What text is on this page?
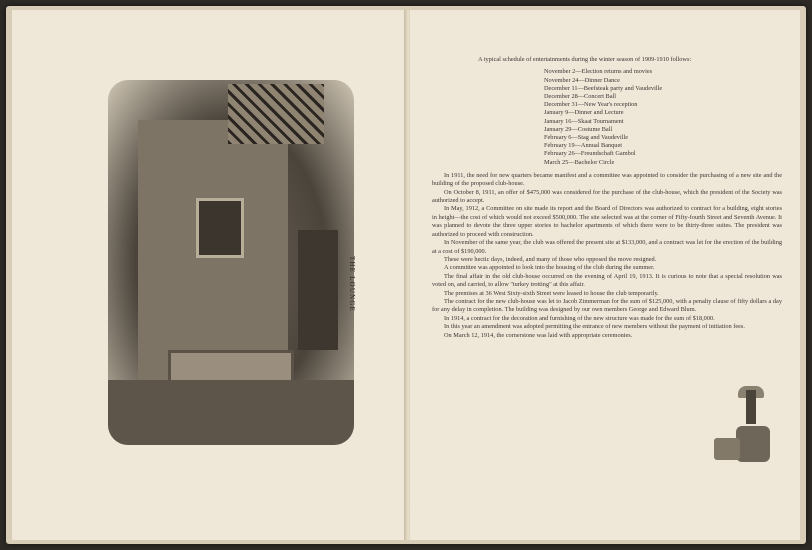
THE LOUNGE

A typical schedule of entertainments during the winter season of 1909-1910 follows:

November 2—Election returns and movies
November 24—Dinner Dance
December 11—Beefsteak party and Vaudeville
December 28—Concert Ball
December 31—New Year's reception
January 9—Dinner and Lecture
January 16—Skaat Tournament
January 29—Costume Ball
February 6—Stag and Vaudeville
February 19—Annual Banquet
February 26—Freundschaft Gambol
March 25—Bachelor Circle

In 1911, the need for new quarters became manifest and a committee was appointed to consider the purchasing of a new site and the building of the proposed club-house.

On October 8, 1911, an offer of $475,000 was considered for the purchase of the club-house, which the president of the Society was authorized to accept.

In May, 1912, a Committee on site made its report and the Board of Directors was authorized to contract for a building, eight stories in height—the cost of which would not exceed $500,000. The site selected was at the corner of Fifty-fourth Street and Seventh Avenue. It was planned to devote the three upper stories to bachelor apartments of which there were to be thirty-three suites. The president was authorized to proceed with construction.

In November of the same year, the club was offered the present site at $133,000, and a contract was let for the erection of the building at a cost of $190,000.

These were hectic days, indeed, and many of those who opposed the move resigned.

A committee was appointed to look into the housing of the club during the summer.

The final affair in the old club-house occurred on the evening of April 19, 1913. It is curious to note that a special resolution was voted on, and carried, to allow "turkey trotting" at this affair.

The premises at 36 West Sixty-sixth Street were leased to house the club temporarily.

The contract for the new club-house was let to Jacob Zimmerman for the sum of $125,000, with a penalty clause of fifty dollars a day for any delay in completion. The building was designed by our own members George and Edward Blum.

In 1914, a contract for the decoration and furnishing of the new structure was made for the sum of $18,000.

In this year an amendment was adopted permitting the entrance of new members without the payment of initiation fees.

On March 12, 1914, the cornerstone was laid with appropriate ceremonies.
